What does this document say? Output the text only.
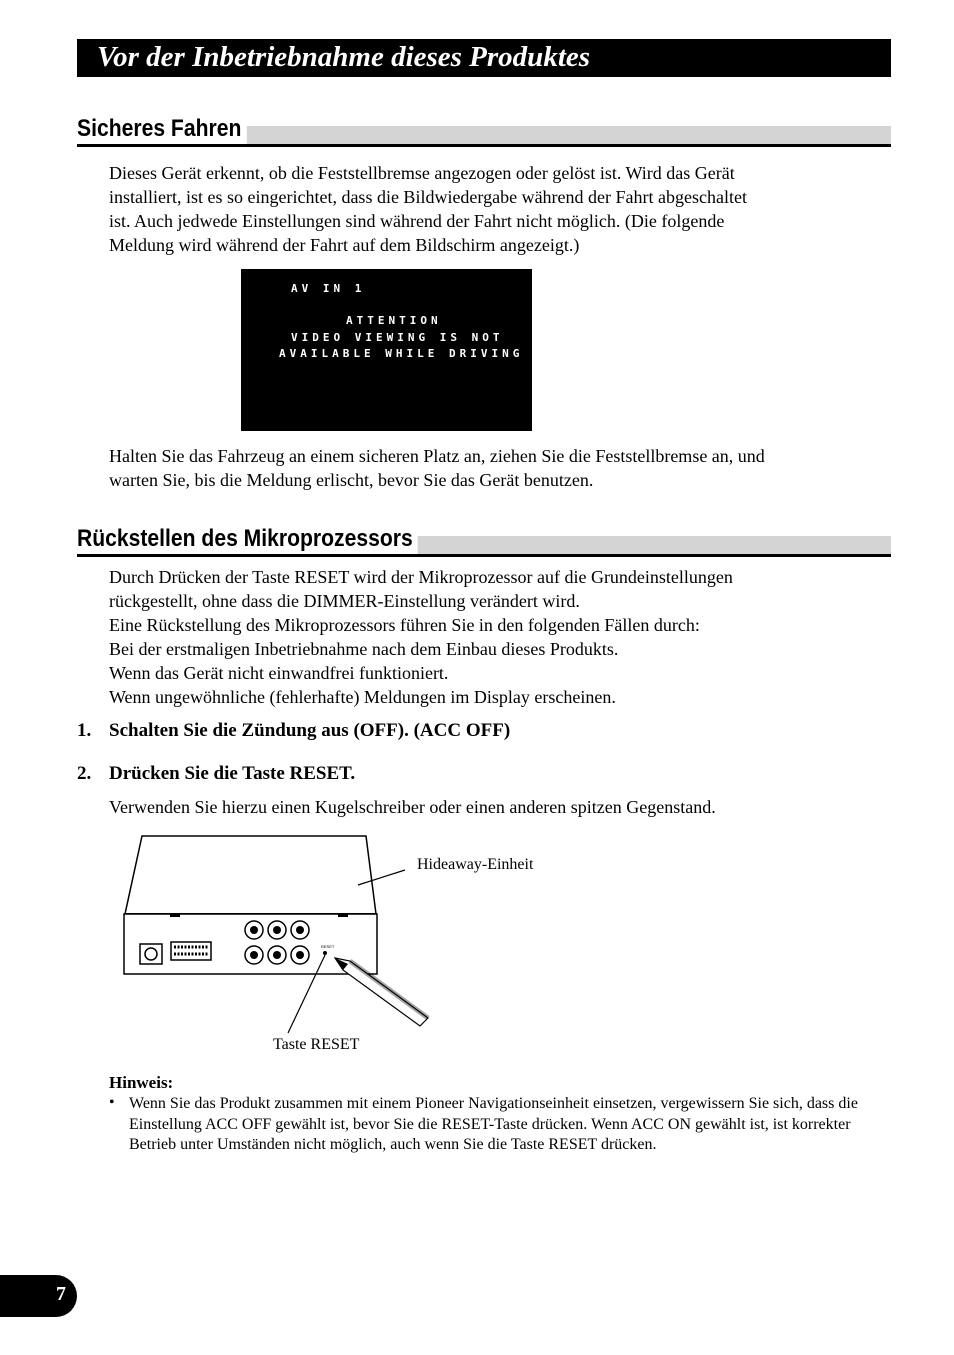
Vor der Inbetriebnahme dieses Produktes
Sicheres Fahren

Dieses Gerät erkennt, ob die Feststellbremse angezogen oder gelöst ist. Wird das Gerät
installiert, ist es so eingerichtet, dass die Bildwiedergabe während der Fahrt abgeschaltet
ist. Auch jedwede Einstellungen sind während der Fahrt nicht möglich. (Die folgende
Meldung wird während der Fahrt auf dem Bildschirm angezeigt.)

AV IN 1
ATTENTION
VIDEO VIEWING IS NOT
AVAILABLE WHILE DRIVING

Halten Sie das Fahrzeug an einem sicheren Platz an, ziehen Sie die Feststellbremse an, und
warten Sie, bis die Meldung erlischt, bevor Sie das Gerät benutzen.

Rückstellen des Mikroprozessors

Durch Drücken der Taste RESET wird der Mikroprozessor auf die Grundeinstellungen
rückgestellt, ohne dass die DIMMER-Einstellung verändert wird.
Eine Rückstellung des Mikroprozessors führen Sie in den folgenden Fällen durch:
Bei der erstmaligen Inbetriebnahme nach dem Einbau dieses Produkts.
Wenn das Gerät nicht einwandfrei funktioniert.
Wenn ungewöhnliche (fehlerhafte) Meldungen im Display erscheinen.

1. Schalten Sie die Zündung aus (OFF). (ACC OFF)
2. Drücken Sie die Taste RESET.

Verwenden Sie hierzu einen Kugelschreiber oder einen anderen spitzen Gegenstand.

RESET
Hideaway-Einheit
Taste RESET
Hinweis:
• Wenn Sie das Produkt zusammen mit einem Pioneer Navigationseinheit einsetzen, vergewissern Sie sich, dass die Einstellung ACC OFF gewählt ist, bevor Sie die RESET-Taste drücken. Wenn ACC ON gewählt ist, ist korrekter Betrieb unter Umständen nicht möglich, auch wenn Sie die Taste RESET drücken.
7
